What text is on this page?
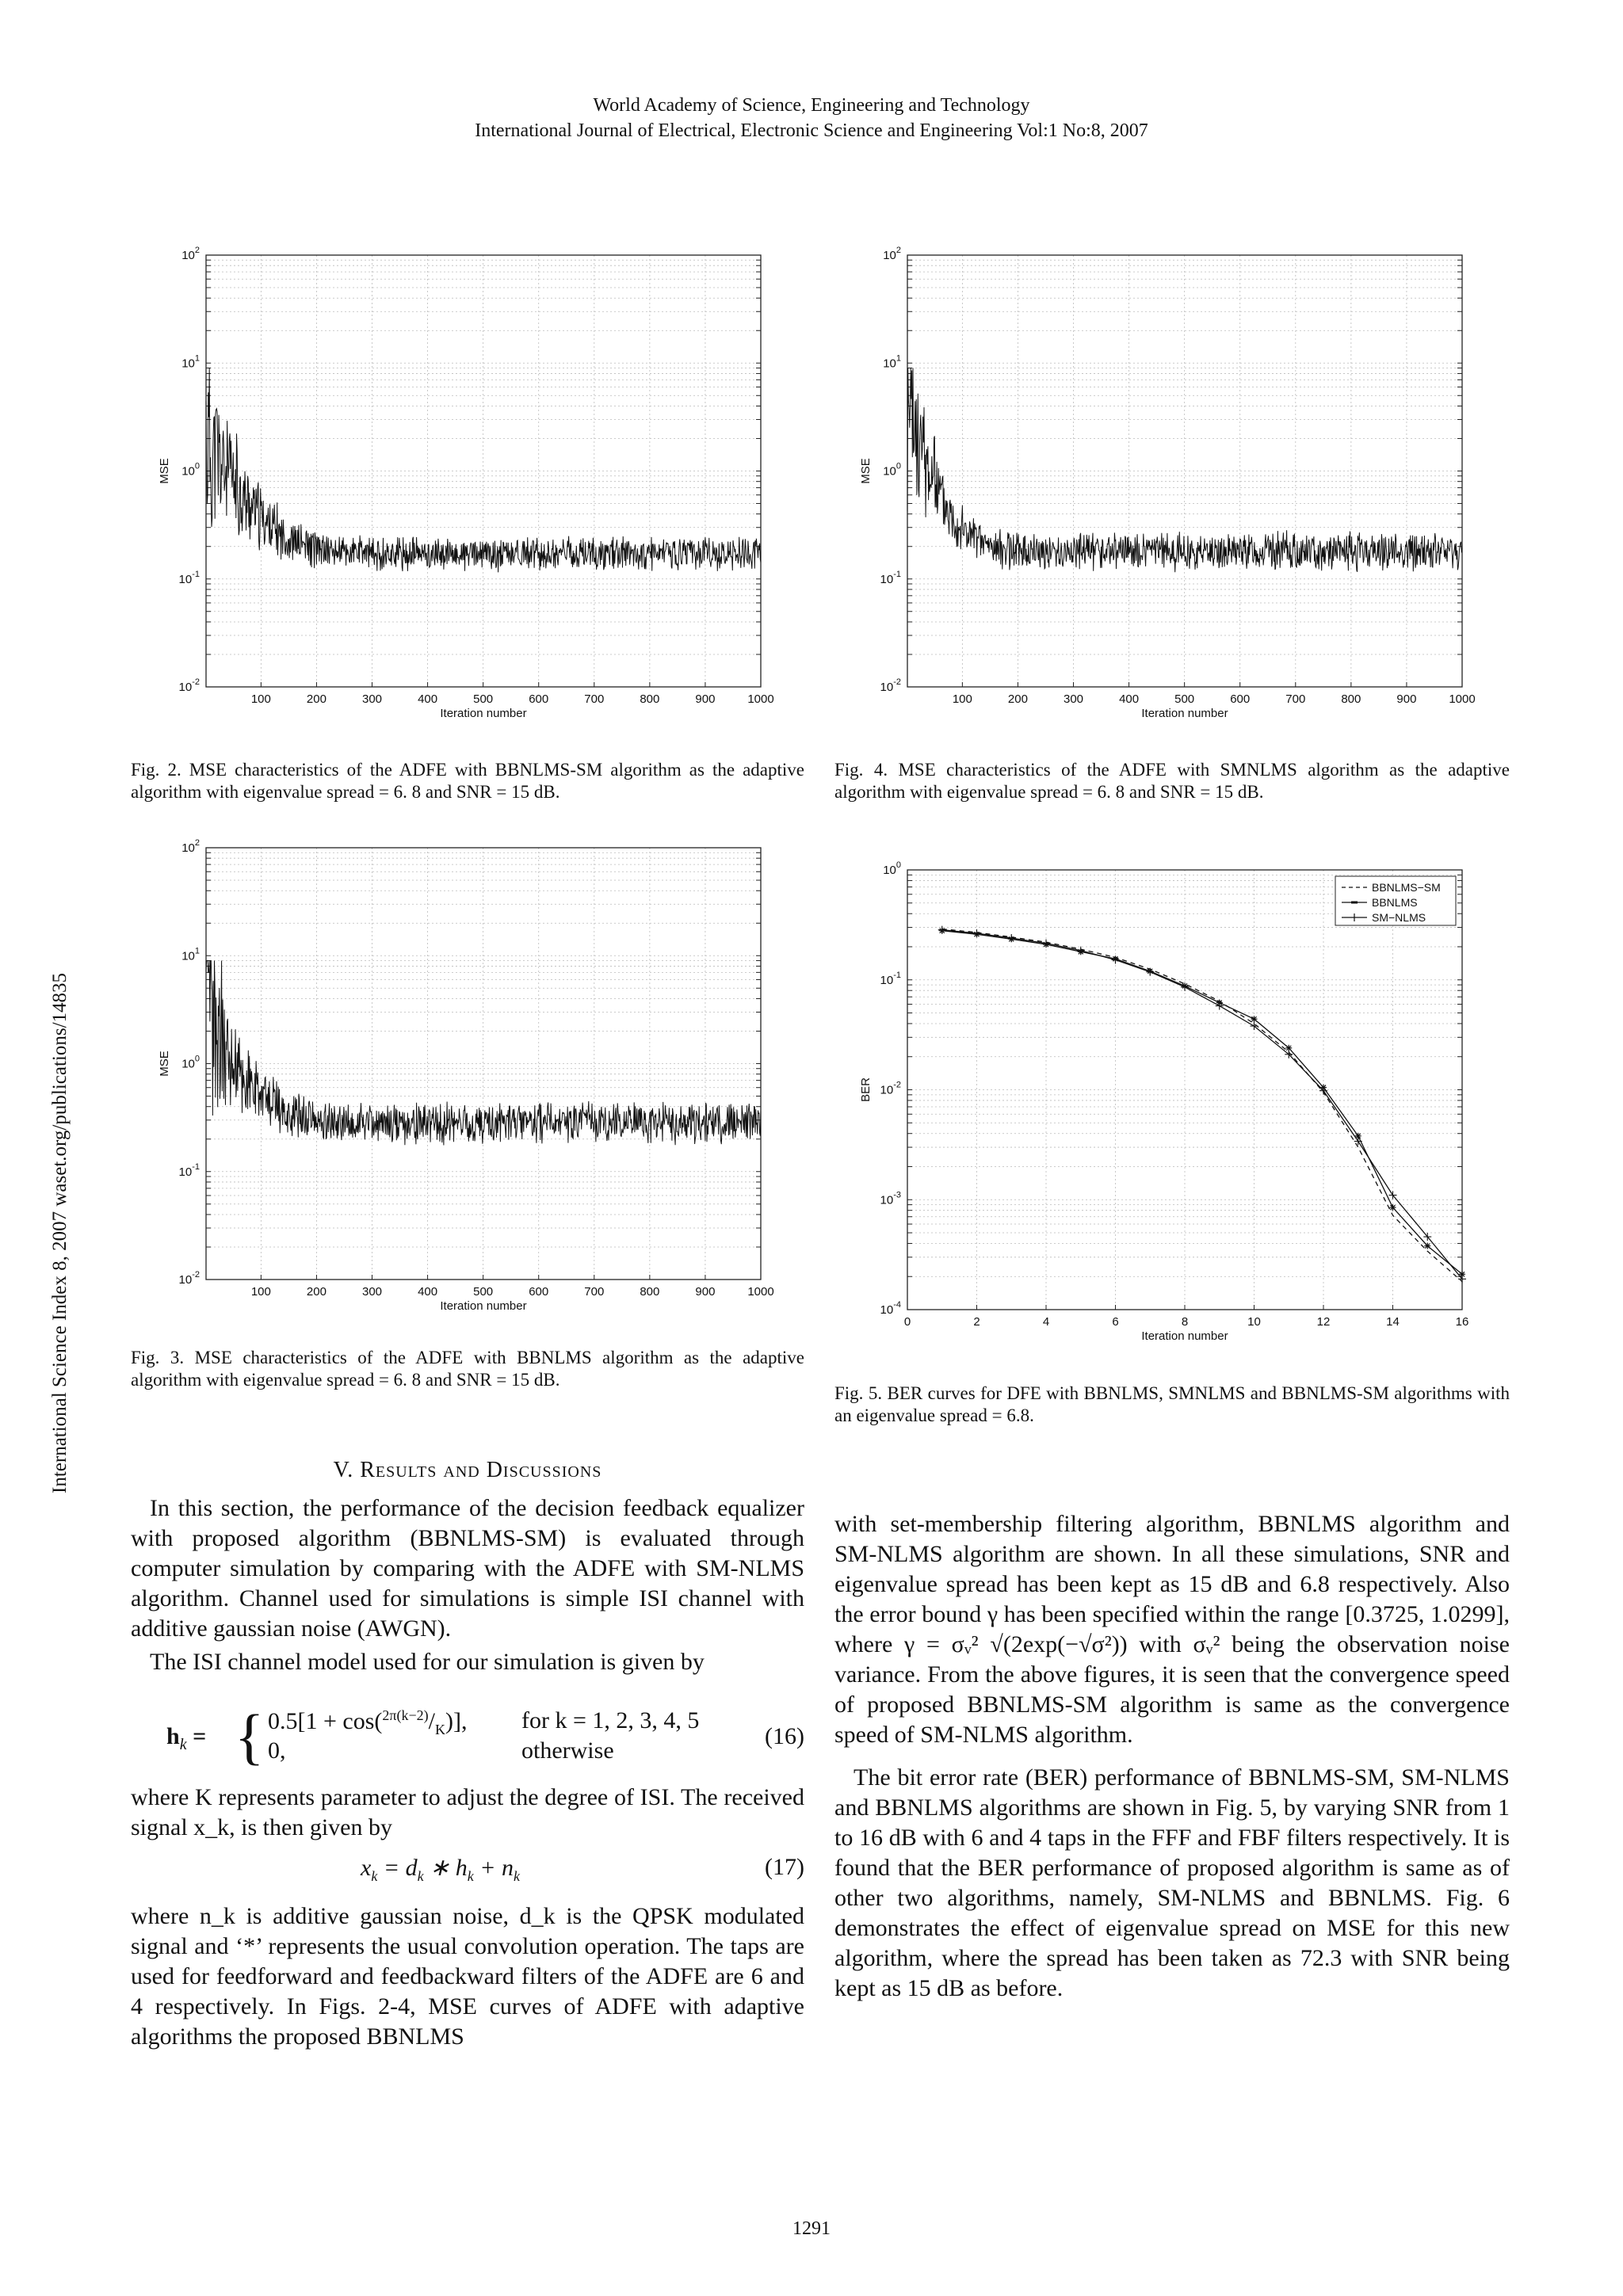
World Academy of Science, Engineering and Technology
International Journal of Electrical, Electronic Science and Engineering Vol:1 No:8, 2007
International Science Index 8, 2007 waset.org/publications/14835
$10^2$
$10^1$
$10^0$
$10^{-1}$
$10^{-2}$
100	200	300	400	500	600	700	800	900	1000
Iteration number
MSE
$10^2$
$10^1$
$10^0$
$10^{-1}$
$10^{-2}$
100	200	300	400	500	600	700	800	900	1000
Iteration number
MSE
$10^2$
$10^1$
$10^0$
$10^{-1}$
$10^{-2}$
100	200	300	400	500	600	700	800	900	1000
Iteration number
MSE
$10^0$
$10^{-1}$
$10^{-2}$
$10^{-3}$
$10^{-4}$
0	2	4	6	8	10	12	14	16
Iteration number
BER
BBNLMS−SM
BBNLMS
SM−NLMS
Fig. 2. MSE characteristics of the ADFE with BBNLMS-SM algorithm as the adaptive algorithm with eigenvalue spread = 6. 8 and SNR = 15 dB.
Fig. 4. MSE characteristics of the ADFE with SMNLMS algorithm as the adaptive algorithm with eigenvalue spread = 6. 8 and SNR = 15 dB.
Fig. 3. MSE characteristics of the ADFE with BBNLMS algorithm as the adaptive algorithm with eigenvalue spread = 6. 8 and SNR = 15 dB.
Fig. 5. BER curves for DFE with BBNLMS, SMNLMS and BBNLMS-SM algorithms with an eigenvalue spread = 6.8.
V. Results and Discussions

In this section, the performance of the decision feedback equalizer with proposed algorithm (BBNLMS-SM) is evaluated through computer simulation by comparing with the ADFE with SM-NLMS algorithm. Channel used for simulations is simple ISI channel with additive gaussian noise (AWGN).

The ISI channel model used for our simulation is given by

$h_k$ = { $0.5[1 + \cos(^{2\pi(k-2)}/_K)]$, for k = 1, 2, 3, 4, 5
0,	otherwise
(16)
where K represents parameter to adjust the degree of ISI. The received signal x_k, is then given by
$x_k = d_k$ ∗ $h_k + n_k$	(17)
where n_k is additive gaussian noise, d_k is the QPSK modulated signal and ‘*’ represents the usual convolution operation. The taps are used for feedforward and feedbackward filters of the ADFE are 6 and 4 respectively. In Figs. 2-4, MSE curves of ADFE with adaptive algorithms the proposed BBNLMS

with set-membership filtering algorithm, BBNLMS algorithm and SM-NLMS algorithm are shown. In all these simulations, SNR and eigenvalue spread has been kept as 15 dB and 6.8 respectively. Also the error bound γ has been specified within the range [0.3725, 1.0299], where γ = σᵥ² √(2exp(−√σ²)) with σᵥ² being the observation noise variance. From the above figures, it is seen that the convergence speed of proposed BBNLMS-SM algorithm is same as the convergence speed of SM-NLMS algorithm.

The bit error rate (BER) performance of BBNLMS-SM, SM-NLMS and BBNLMS algorithms are shown in Fig. 5, by varying SNR from 1 to 16 dB with 6 and 4 taps in the FFF and FBF filters respectively. It is found that the BER performance of proposed algorithm is same as of other two algorithms, namely, SM-NLMS and BBNLMS. Fig. 6 demonstrates the effect of eigenvalue spread on MSE for this new algorithm, where the spread has been taken as 72.3 with SNR being kept as 15 dB as before.

1291
